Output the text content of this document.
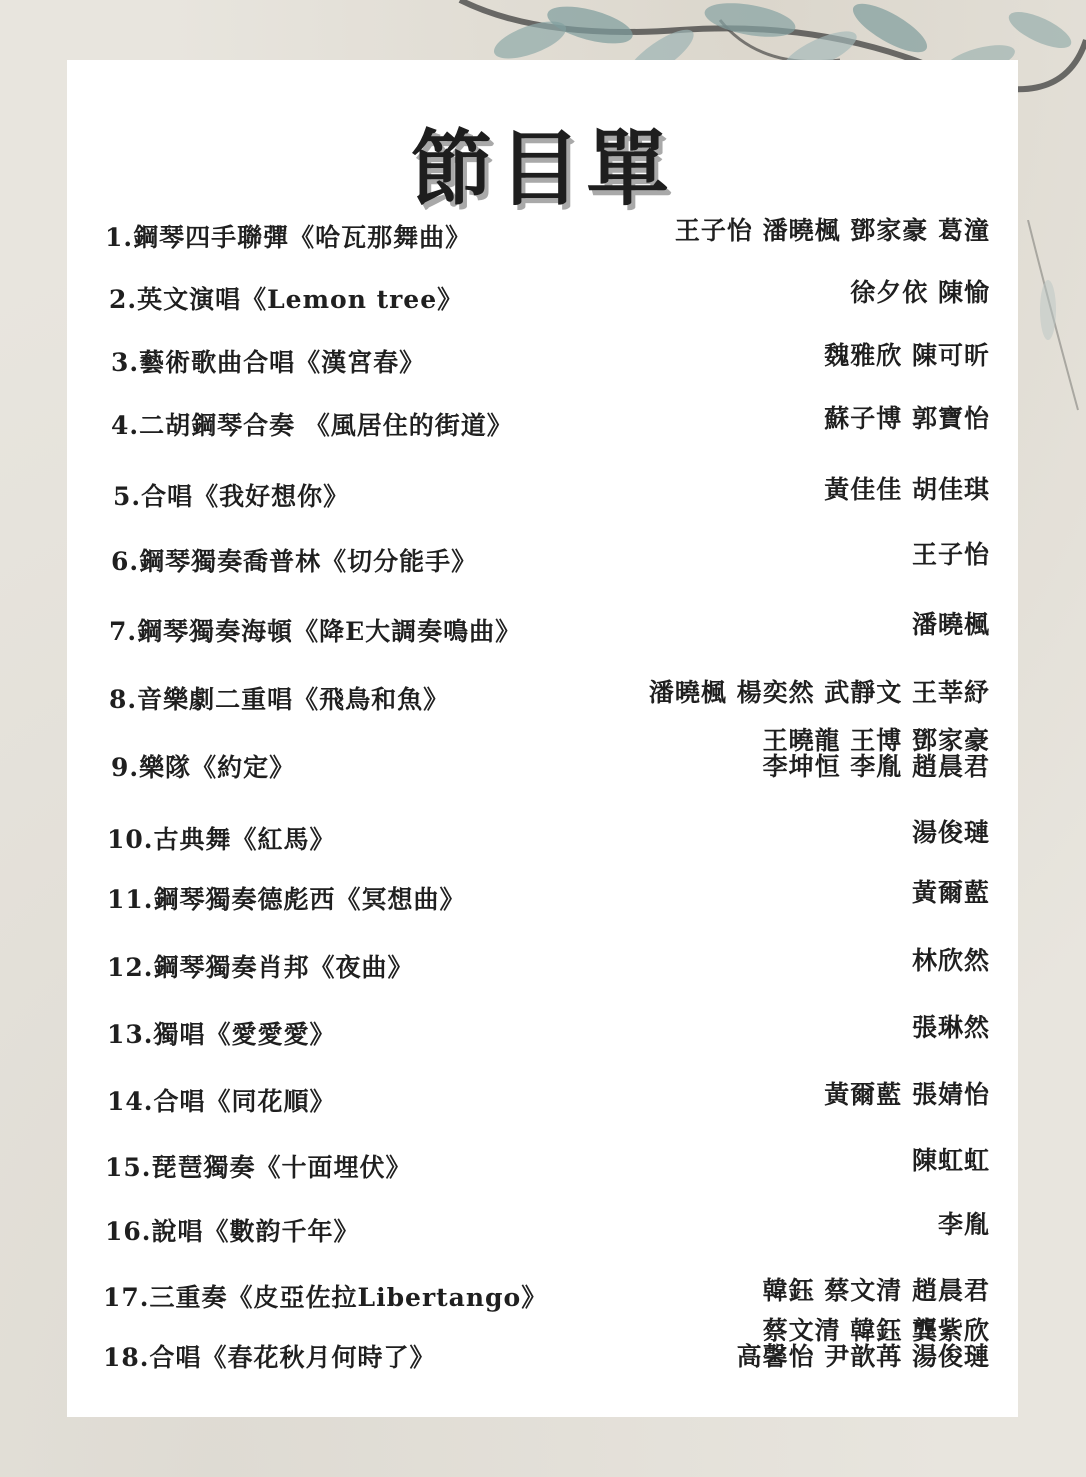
節目單
1.鋼琴四手聯彈《哈瓦那舞曲》	王子怡 潘曉楓 鄧家豪 葛潼
2.英文演唱《Lemon tree》	徐夕依 陳愉
3.藝術歌曲合唱《漢宮春》	魏雅欣 陳可昕
4.二胡鋼琴合奏 《風居住的街道》	蘇子博 郭寶怡
5.合唱《我好想你》	黃佳佳 胡佳琪
6.鋼琴獨奏喬普林《切分能手》	王子怡
7.鋼琴獨奏海頓《降E大調奏鳴曲》	潘曉楓
8.音樂劇二重唱《飛鳥和魚》	潘曉楓 楊奕然 武靜文 王莘紓
9.樂隊《約定》
王曉龍 王博 鄧家豪
李坤恒 李胤 趙晨君
10.古典舞《紅馬》	湯俊璉
11.鋼琴獨奏德彪西《冥想曲》	黃爾藍
12.鋼琴獨奏肖邦《夜曲》	林欣然
13.獨唱《愛愛愛》	張琳然
14.合唱《同花順》	黃爾藍 張婧怡
15.琵琶獨奏《十面埋伏》	陳虹虹
16.說唱《數韵千年》	李胤
17.三重奏《皮亞佐拉Libertango》	韓鈺 蔡文清 趙晨君
18.合唱《春花秋月何時了》
蔡文清 韓鈺 龔紫欣
高馨怡 尹歆苒 湯俊璉
